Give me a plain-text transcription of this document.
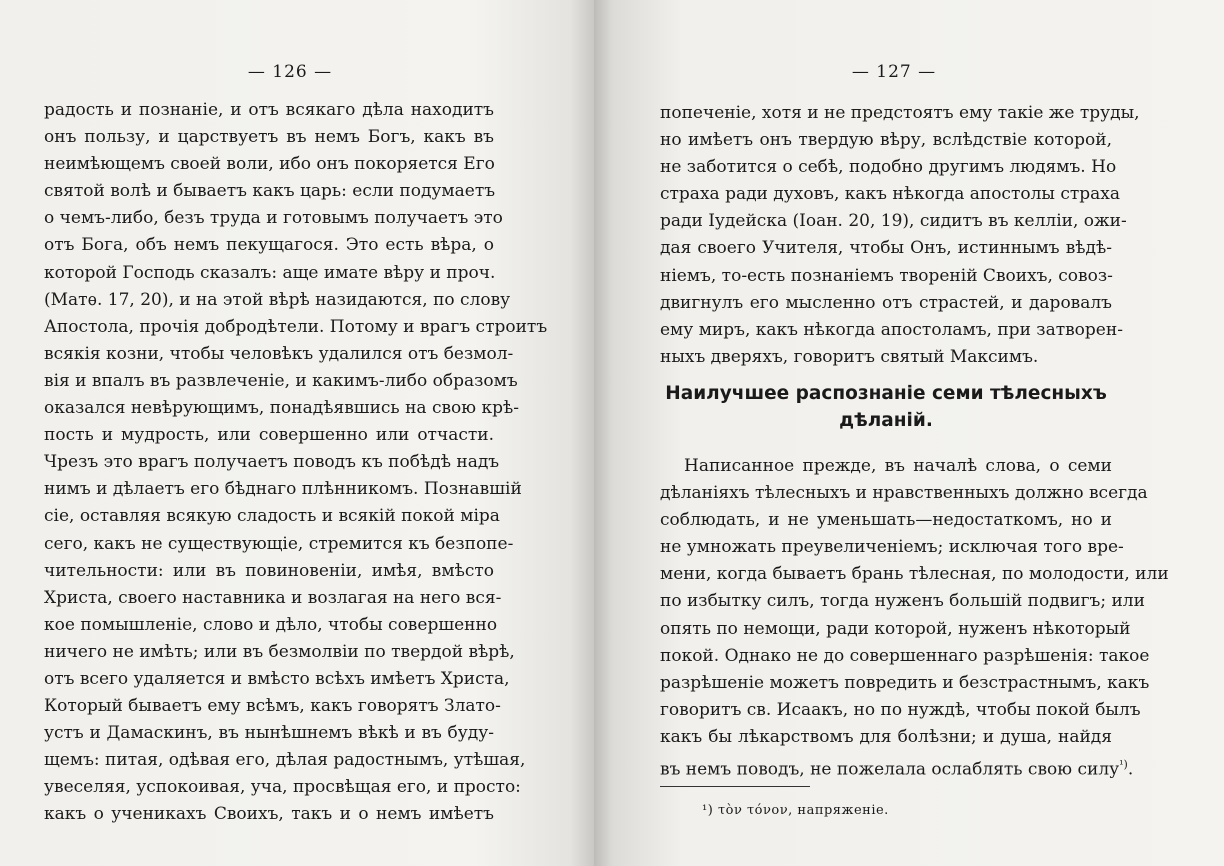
— 126 —
радость и познаніе, и отъ всякаго дѣла находитъ
онъ пользу, и царствуетъ въ немъ Богъ, какъ въ
неимѣющемъ своей воли, ибо онъ покоряется Его
святой волѣ и бываетъ какъ царь: если подумаетъ
о чемъ-либо, безъ труда и готовымъ получаетъ это
отъ Бога, объ немъ пекущагося. Это есть вѣра, о
которой Господь сказалъ: аще имате вѣру и проч.
(Матѳ. 17, 20), и на этой вѣрѣ назидаются, по слову
Апостола, прочія добродѣтели. Потому и врагъ строитъ
всякія козни, чтобы человѣкъ удалился отъ безмол-
вія и впалъ въ развлеченіе, и какимъ-либо образомъ
оказался невѣрующимъ, понадѣявшись на свою крѣ-
пость и мудрость, или совершенно или отчасти.
Чрезъ это врагъ получаетъ поводъ къ побѣдѣ надъ
нимъ и дѣлаетъ его бѣднаго плѣнникомъ. Познавшій
сіе, оставляя всякую сладость и всякій покой міра
сего, какъ не существующіе, стремится къ безпопе-
чительности: или въ повиновеніи, имѣя, вмѣсто
Христа, своего наставника и возлагая на него вся-
кое помышленіе, слово и дѣло, чтобы совершенно
ничего не имѣть; или въ безмолвіи по твердой вѣрѣ,
отъ всего удаляется и вмѣсто всѣхъ имѣетъ Христа,
Который бываетъ ему всѣмъ, какъ говорятъ Злато-
устъ и Дамаскинъ, въ нынѣшнемъ вѣкѣ и въ буду-
щемъ: питая, одѣвая его, дѣлая радостнымъ, утѣшая,
увеселяя, успокоивая, уча, просвѣщая его, и просто:
какъ о ученикахъ Своихъ, такъ и о немъ имѣетъ
— 127 —
попеченіе, хотя и не предстоятъ ему такіе же труды,
но имѣетъ онъ твердую вѣру, вслѣдствіе которой,
не заботится о себѣ, подобно другимъ людямъ. Но
страха ради духовъ, какъ нѣкогда апостолы страха
ради Іудейска (Іоан. 20, 19), сидитъ въ келліи, ожи-
дая своего Учителя, чтобы Онъ, истиннымъ вѣдѣ-
ніемъ, то-есть познаніемъ твореній Своихъ, совоз-
двигнулъ его мысленно отъ страстей, и даровалъ
ему миръ, какъ нѣкогда апостоламъ, при затворен-
ныхъ дверяхъ, говоритъ святый Максимъ.
Наилучшее распознаніе семи тѣлесныхъ
дѣланій.
Написанное прежде, въ началѣ слова, о семи
дѣланіяхъ тѣлесныхъ и нравственныхъ должно всегда
соблюдать, и не уменьшать—недостаткомъ, но и
не умножать преувеличеніемъ; исключая того вре-
мени, когда бываетъ брань тѣлесная, по молодости, или
по избытку силъ, тогда нуженъ большій подвигъ; или
опять по немощи, ради которой, нуженъ нѣкоторый
покой. Однако не до совершеннаго разрѣшенія: такое
разрѣшеніе можетъ повредить и безстрастнымъ, какъ
говоритъ св. Исаакъ, но по нуждѣ, чтобы покой былъ
какъ бы лѣкарствомъ для болѣзни; и душа, найдя
въ немъ поводъ, не пожелала ослаблять свою силу$^{^1)}$.
¹) τὸν τόνον, напряженіе.
